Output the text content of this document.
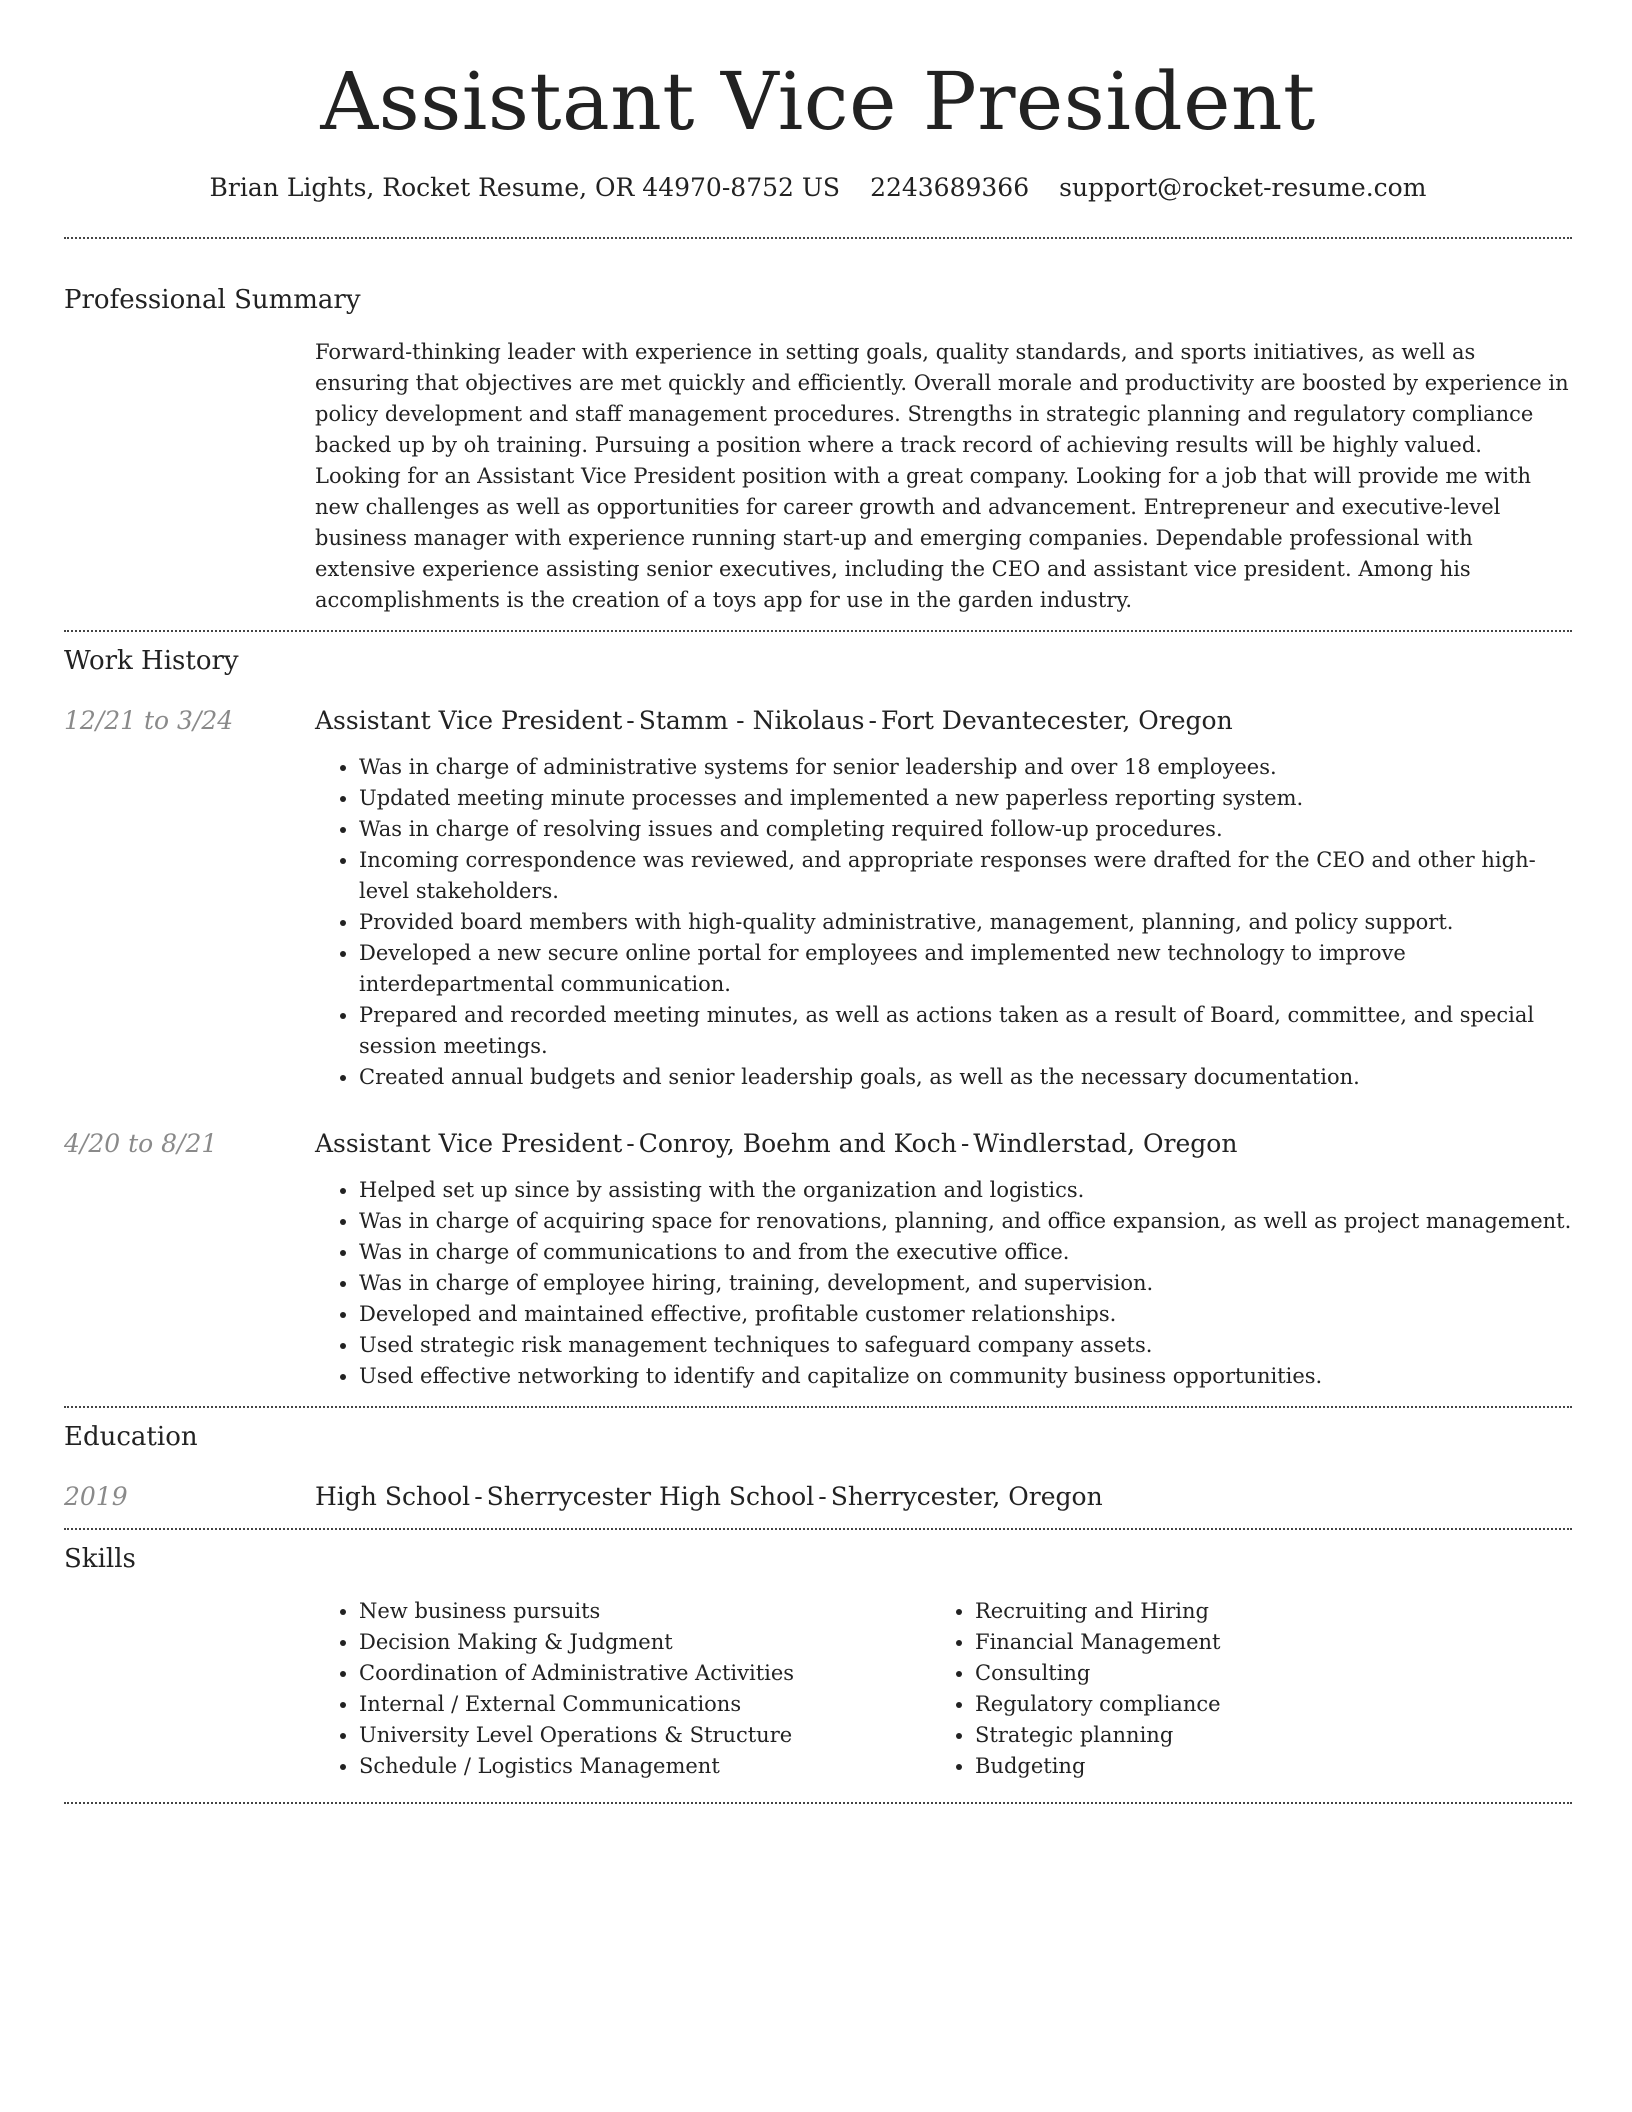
Assistant Vice President
Brian Lights, Rocket Resume, OR 44970-8752 US 2243689366 support@rocket-resume.com
Professional Summary
Forward-thinking leader with experience in setting goals, quality standards, and sports initiatives, as well as ensuring that objectives are met quickly and efficiently. Overall morale and productivity are boosted by experience in policy development and staff management procedures. Strengths in strategic planning and regulatory compliance backed up by oh training. Pursuing a position where a track record of achieving results will be highly valued. Looking for an Assistant Vice President position with a great company. Looking for a job that will provide me with new challenges as well as opportunities for career growth and advancement. Entrepreneur and executive-level business manager with experience running start-up and emerging companies. Dependable professional with extensive experience assisting senior executives, including the CEO and assistant vice president. Among his accomplishments is the creation of a toys app for use in the garden industry.
Work History
12/21 to 3/24	Assistant Vice President - Stamm - Nikolaus - Fort Devantecester, Oregon
• Was in charge of administrative systems for senior leadership and over 18 employees.
• Updated meeting minute processes and implemented a new paperless reporting system.
• Was in charge of resolving issues and completing required follow-up procedures.
• Incoming correspondence was reviewed, and appropriate responses were drafted for the CEO and other high-level stakeholders.
• Provided board members with high-quality administrative, management, planning, and policy support.
• Developed a new secure online portal for employees and implemented new technology to improve interdepartmental communication.
• Prepared and recorded meeting minutes, as well as actions taken as a result of Board, committee, and special session meetings.
• Created annual budgets and senior leadership goals, as well as the necessary documentation.
4/20 to 8/21	Assistant Vice President - Conroy, Boehm and Koch - Windlerstad, Oregon
• Helped set up since by assisting with the organization and logistics.
• Was in charge of acquiring space for renovations, planning, and office expansion, as well as project management.
• Was in charge of communications to and from the executive office.
• Was in charge of employee hiring, training, development, and supervision.
• Developed and maintained effective, profitable customer relationships.
• Used strategic risk management techniques to safeguard company assets.
• Used effective networking to identify and capitalize on community business opportunities.
Education
2019	High School - Sherrycester High School - Sherrycester, Oregon
Skills
• New business pursuits
• Decision Making & Judgment
• Coordination of Administrative Activities
• Internal / External Communications
• University Level Operations & Structure
• Schedule / Logistics Management
• Recruiting and Hiring
• Financial Management
• Consulting
• Regulatory compliance
• Strategic planning
• Budgeting
